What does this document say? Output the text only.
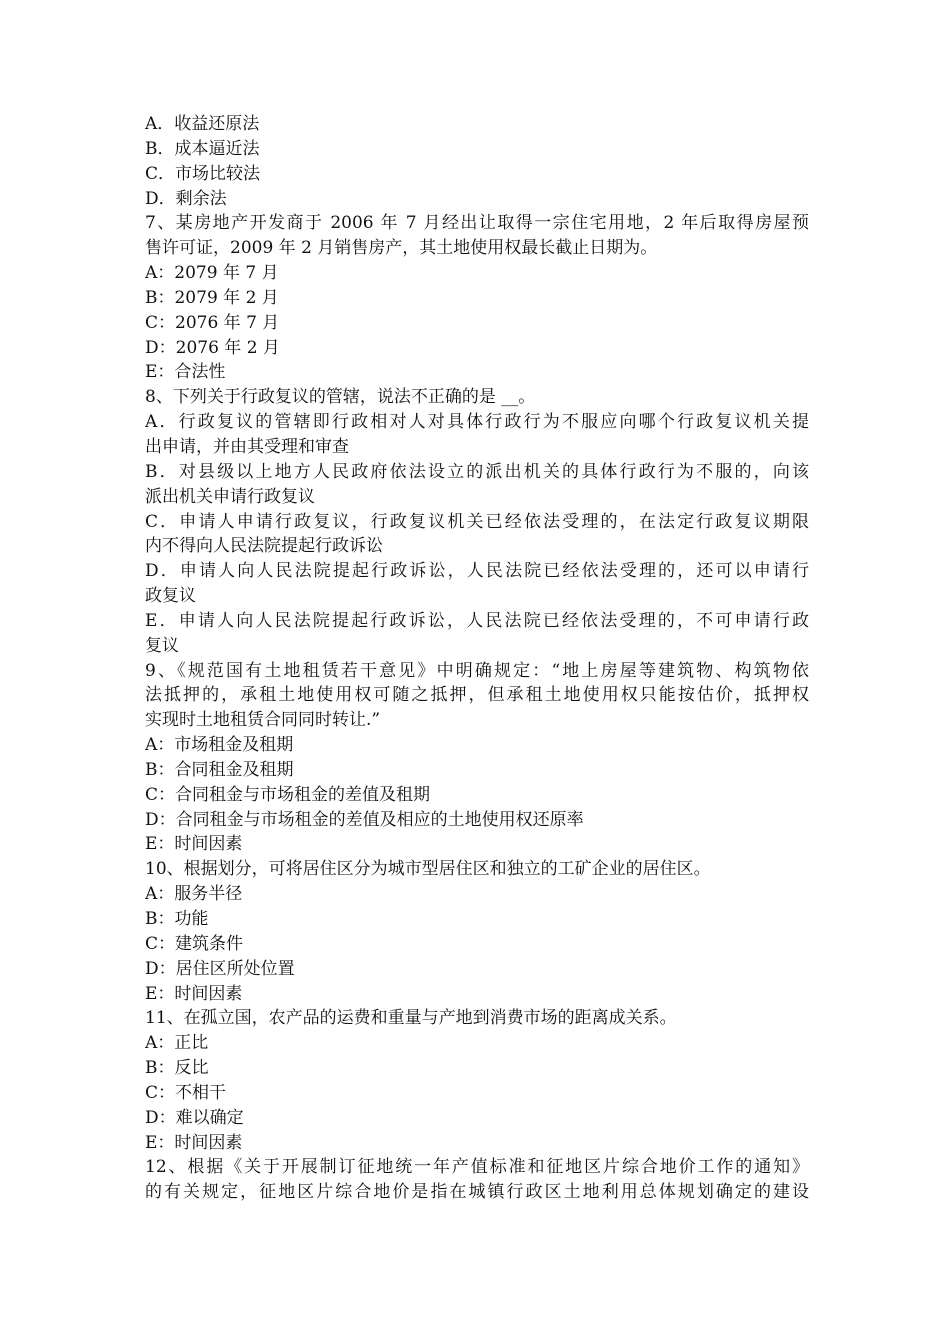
A．收益还原法
B．成本逼近法
C．市场比较法
D．剩余法
7、某房地产开发商于 2006 年 7 月经出让取得一宗住宅用地，2 年后取得房屋预
售许可证，2009 年 2 月销售房产，其土地使用权最长截止日期为。
A：2079 年 7 月
B：2079 年 2 月
C：2076 年 7 月
D：2076 年 2 月
E：合法性
8、下列关于行政复议的管辖，说法不正确的是 __。
A．行政复议的管辖即行政相对人对具体行政行为不服应向哪个行政复议机关提
出申请，并由其受理和审查
B．对县级以上地方人民政府依法设立的派出机关的具体行政行为不服的，向该
派出机关申请行政复议
C．申请人申请行政复议，行政复议机关已经依法受理的，在法定行政复议期限
内不得向人民法院提起行政诉讼
D．申请人向人民法院提起行政诉讼，人民法院已经依法受理的，还可以申请行
政复议
E．申请人向人民法院提起行政诉讼，人民法院已经依法受理的，不可申请行政
复议
9、《规范国有土地租赁若干意见》中明确规定：“地上房屋等建筑物、构筑物依
法抵押的，承租土地使用权可随之抵押，但承租土地使用权只能按估价，抵押权
实现时土地租赁合同同时转让.”
A：市场租金及租期
B：合同租金及租期
C：合同租金与市场租金的差值及租期
D：合同租金与市场租金的差值及相应的土地使用权还原率
E：时间因素
10、根据划分，可将居住区分为城市型居住区和独立的工矿企业的居住区。
A：服务半径
B：功能
C：建筑条件
D：居住区所处位置
E：时间因素
11、在孤立国，农产品的运费和重量与产地到消费市场的距离成关系。
A：正比
B：反比
C：不相干
D：难以确定
E：时间因素
12、根据《关于开展制订征地统一年产值标准和征地区片综合地价工作的通知》
的有关规定，征地区片综合地价是指在城镇行政区土地利用总体规划确定的建设
